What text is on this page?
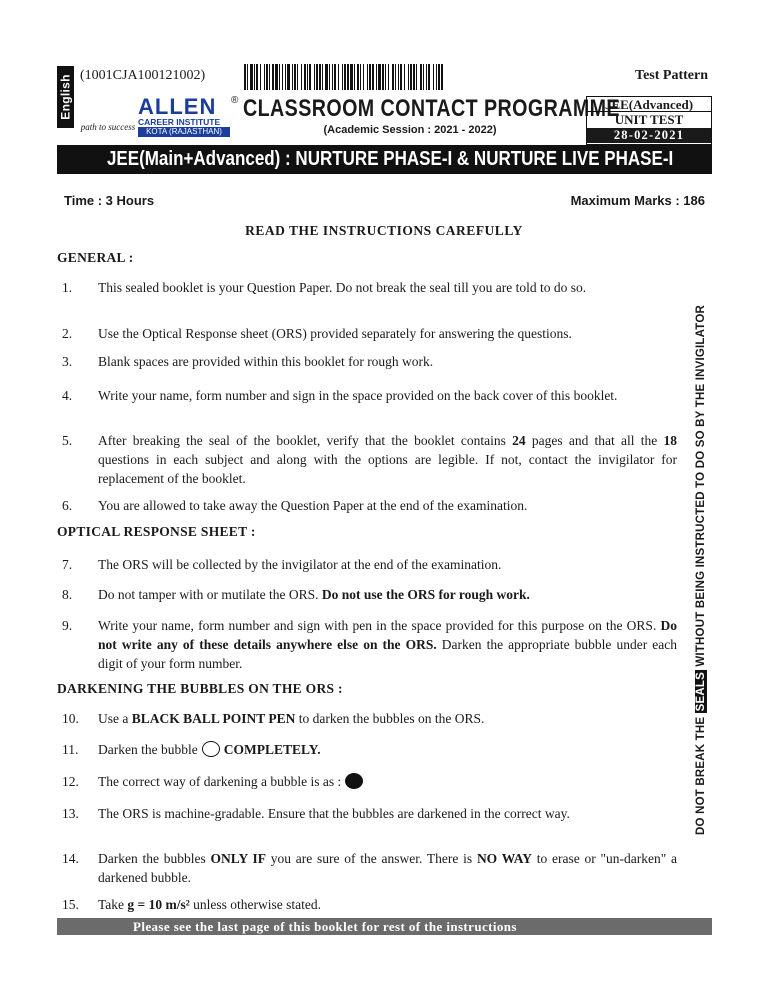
English (1001CJA100121002)	Test Pattern
path to success
ALLEN
CAREER INSTITUTE
KOTA (RAJASTHAN)
® CLASSROOM CONTACT PROGRAMME
(Academic Session : 2021 - 2022)
JEE(Advanced)
UNIT TEST
28-02-2021
JEE(Main+Advanced) : NURTURE PHASE-I & NURTURE LIVE PHASE-I
Time : 3 Hours	Maximum Marks : 186
READ THE INSTRUCTIONS CAREFULLY
GENERAL :
1. This sealed booklet is your Question Paper. Do not break the seal till you are told to do so.
2. Use the Optical Response sheet (ORS) provided separately for answering the questions.
3. Blank spaces are provided within this booklet for rough work.
4. Write your name, form number and sign in the space provided on the back cover of this booklet.
5. After breaking the seal of the booklet, verify that the booklet contains 24 pages and that all the 18 questions in each subject and along with the options are legible. If not, contact the invigilator for replacement of the booklet.
6. You are allowed to take away the Question Paper at the end of the examination.
OPTICAL RESPONSE SHEET :
7. The ORS will be collected by the invigilator at the end of the examination.
8. Do not tamper with or mutilate the ORS. Do not use the ORS for rough work.
9. Write your name, form number and sign with pen in the space provided for this purpose on the ORS. Do not write any of these details anywhere else on the ORS. Darken the appropriate bubble under each digit of your form number.
DARKENING THE BUBBLES ON THE ORS :
10. Use a BLACK BALL POINT PEN to darken the bubbles on the ORS.
11. Darken the bubble COMPLETELY.
12. The correct way of darkening a bubble is as :
13. The ORS is machine-gradable. Ensure that the bubbles are darkened in the correct way.
14. Darken the bubbles ONLY IF you are sure of the answer. There is NO WAY to erase or "un-darken" a darkened bubble.
15. Take g = 10 m/s² unless otherwise stated.
DO NOT BREAK THE SEALS WITHOUT BEING INSTRUCTED TO DO SO BY THE INVIGILATOR
Please see the last page of this booklet for rest of the instructions
